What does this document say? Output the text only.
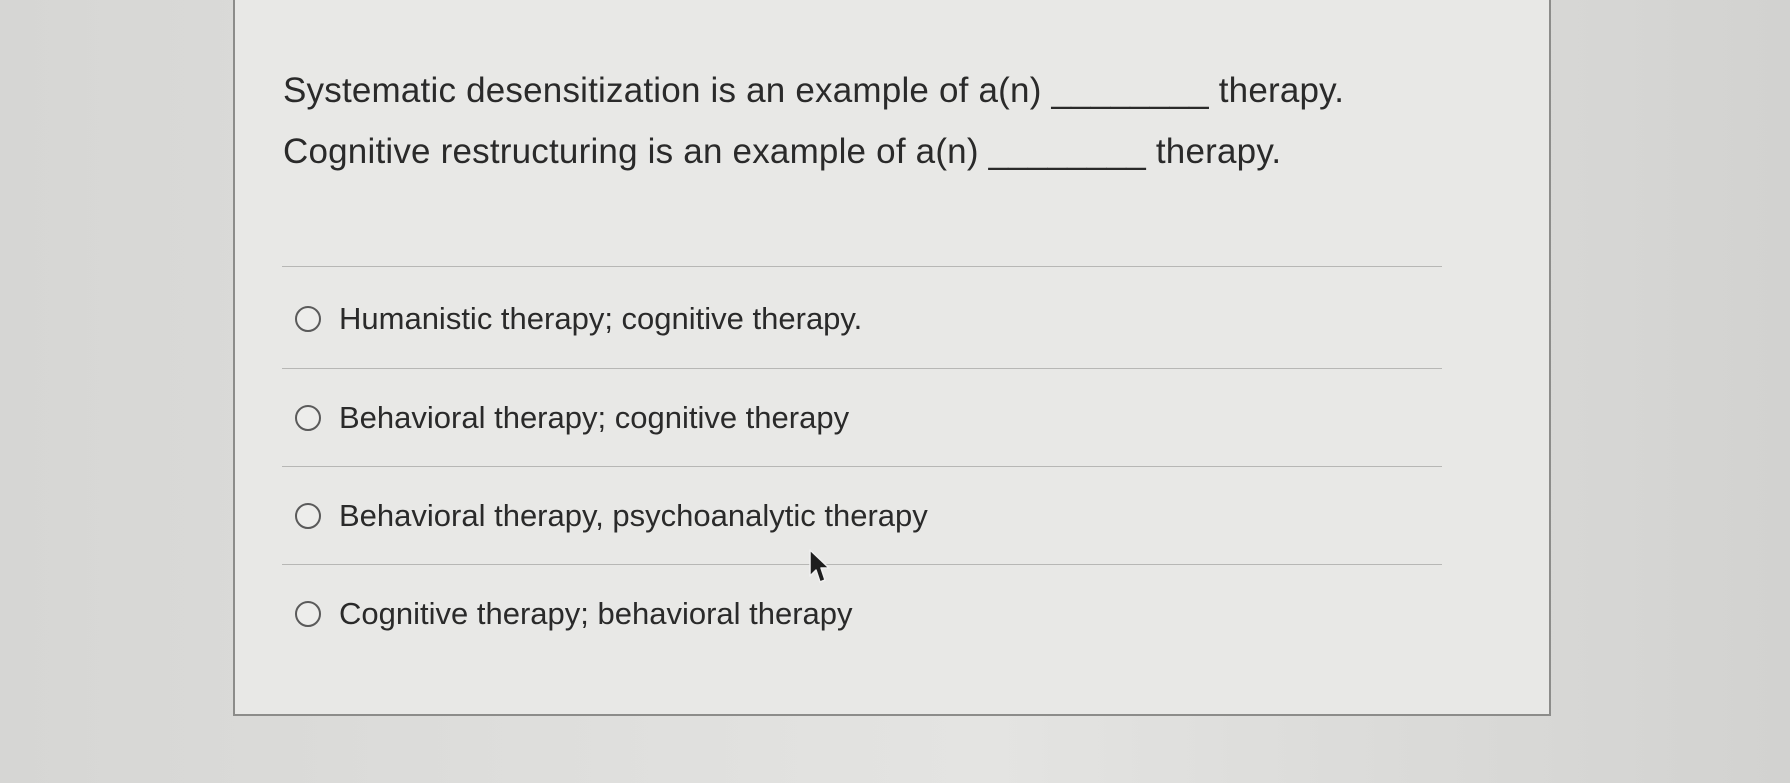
Systematic desensitization is an example of a(n) ________ therapy.

Cognitive restructuring is an example of a(n) ________ therapy.

Humanistic therapy; cognitive therapy.
Behavioral therapy; cognitive therapy
Behavioral therapy, psychoanalytic therapy
Cognitive therapy; behavioral therapy
